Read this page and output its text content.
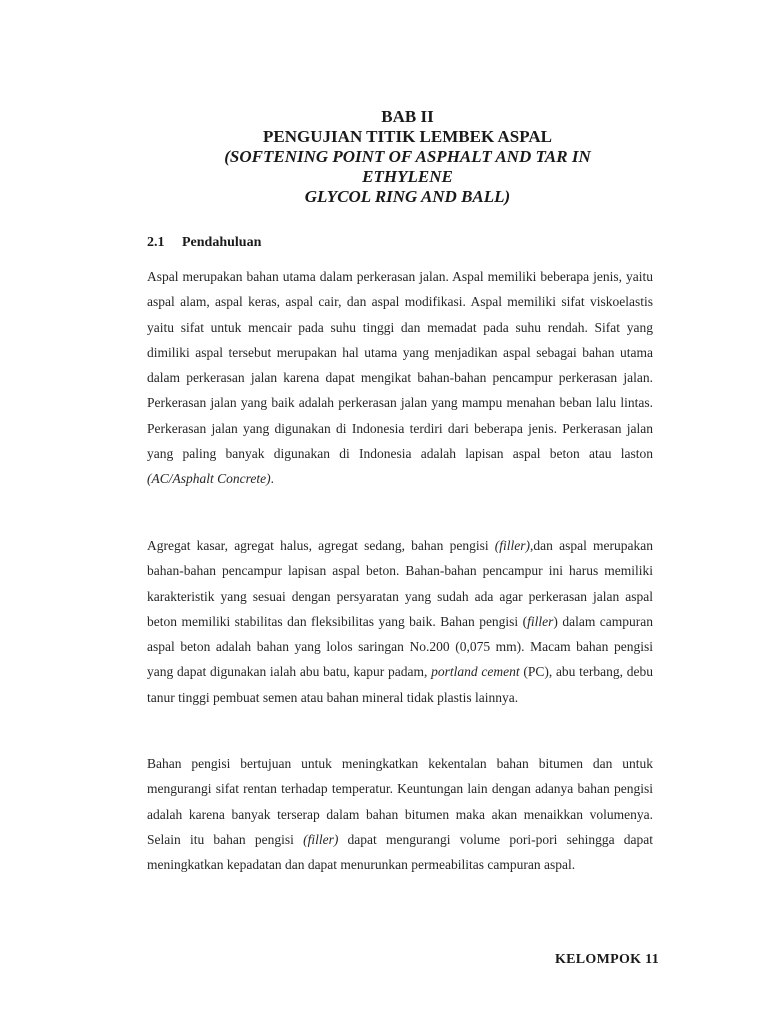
BAB II
PENGUJIAN TITIK LEMBEK ASPAL
(SOFTENING POINT OF ASPHALT AND TAR IN
ETHYLENE
GLYCOL RING AND BALL)
2.1 Pendahuluan
Aspal merupakan bahan utama dalam perkerasan jalan. Aspal memiliki beberapa jenis, yaitu aspal alam, aspal keras, aspal cair, dan aspal modifikasi. Aspal memiliki sifat viskoelastis yaitu sifat untuk mencair pada suhu tinggi dan memadat pada suhu rendah. Sifat yang dimiliki aspal tersebut merupakan hal utama yang menjadikan aspal sebagai bahan utama dalam perkerasan jalan karena dapat mengikat bahan-bahan pencampur perkerasan jalan. Perkerasan jalan yang baik adalah perkerasan jalan yang mampu menahan beban lalu lintas. Perkerasan jalan yang digunakan di Indonesia terdiri dari beberapa jenis. Perkerasan jalan yang paling banyak digunakan di Indonesia adalah lapisan aspal beton atau laston (AC/Asphalt Concrete).
Agregat kasar, agregat halus, agregat sedang, bahan pengisi (filler),dan aspal merupakan bahan-bahan pencampur lapisan aspal beton. Bahan-bahan pencampur ini harus memiliki karakteristik yang sesuai dengan persyaratan yang sudah ada agar perkerasan jalan aspal beton memiliki stabilitas dan fleksibilitas yang baik. Bahan pengisi (filler) dalam campuran aspal beton adalah bahan yang lolos saringan No.200 (0,075 mm). Macam bahan pengisi yang dapat digunakan ialah abu batu, kapur padam, portland cement (PC), abu terbang, debu tanur tinggi pembuat semen atau bahan mineral tidak plastis lainnya.
Bahan pengisi bertujuan untuk meningkatkan kekentalan bahan bitumen dan untuk mengurangi sifat rentan terhadap temperatur. Keuntungan lain dengan adanya bahan pengisi adalah karena banyak terserap dalam bahan bitumen maka akan menaikkan volumenya. Selain itu bahan pengisi (filler) dapat mengurangi volume pori-pori sehingga dapat meningkatkan kepadatan dan dapat menurunkan permeabilitas campuran aspal.
KELOMPOK 11
